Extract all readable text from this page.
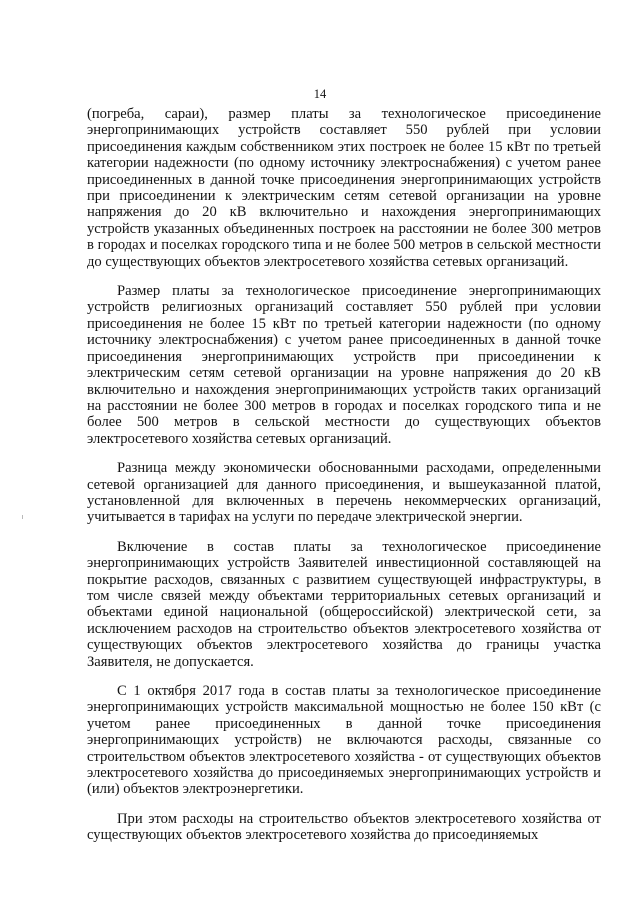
14

(погреба, сараи), размер платы за технологическое присоединение энергопринимающих устройств составляет 550 рублей при условии присоединения каждым собственником этих построек не более 15 кВт по третьей категории надежности (по одному источнику электроснабжения) с учетом ранее присоединенных в данной точке присоединения энергопринимающих устройств при присоединении к электрическим сетям сетевой организации на уровне напряжения до 20 кВ включительно и нахождения энергопринимающих устройств указанных объединенных построек на расстоянии не более 300 метров в городах и поселках городского типа и не более 500 метров в сельской местности до существующих объектов электросетевого хозяйства сетевых организаций.

Размер платы за технологическое присоединение энергопринимающих устройств религиозных организаций составляет 550 рублей при условии присоединения не более 15 кВт по третьей категории надежности (по одному источнику электроснабжения) с учетом ранее присоединенных в данной точке присоединения энергопринимающих устройств при присоединении к электрическим сетям сетевой организации на уровне напряжения до 20 кВ включительно и нахождения энергопринимающих устройств таких организаций на расстоянии не более 300 метров в городах и поселках городского типа и не более 500 метров в сельской местности до существующих объектов электросетевого хозяйства сетевых организаций.

Разница между экономически обоснованными расходами, определенными сетевой организацией для данного присоединения, и вышеуказанной платой, установленной для включенных в перечень некоммерческих организаций, учитывается в тарифах на услуги по передаче электрической энергии.

Включение в состав платы за технологическое присоединение энергопринимающих устройств Заявителей инвестиционной составляющей на покрытие расходов, связанных с развитием существующей инфраструктуры, в том числе связей между объектами территориальных сетевых организаций и объектами единой национальной (общероссийской) электрической сети, за исключением расходов на строительство объектов электросетевого хозяйства от существующих объектов электросетевого хозяйства до границы участка Заявителя, не допускается.

С 1 октября 2017 года в состав платы за технологическое присоединение энергопринимающих устройств максимальной мощностью не более 150 кВт (с учетом ранее присоединенных в данной точке присоединения энергопринимающих устройств) не включаются расходы, связанные со строительством объектов электросетевого хозяйства - от существующих объектов электросетевого хозяйства до присоединяемых энергопринимающих устройств и (или) объектов электроэнергетики.

При этом расходы на строительство объектов электросетевого хозяйства от существующих объектов электросетевого хозяйства до присоединяемых
